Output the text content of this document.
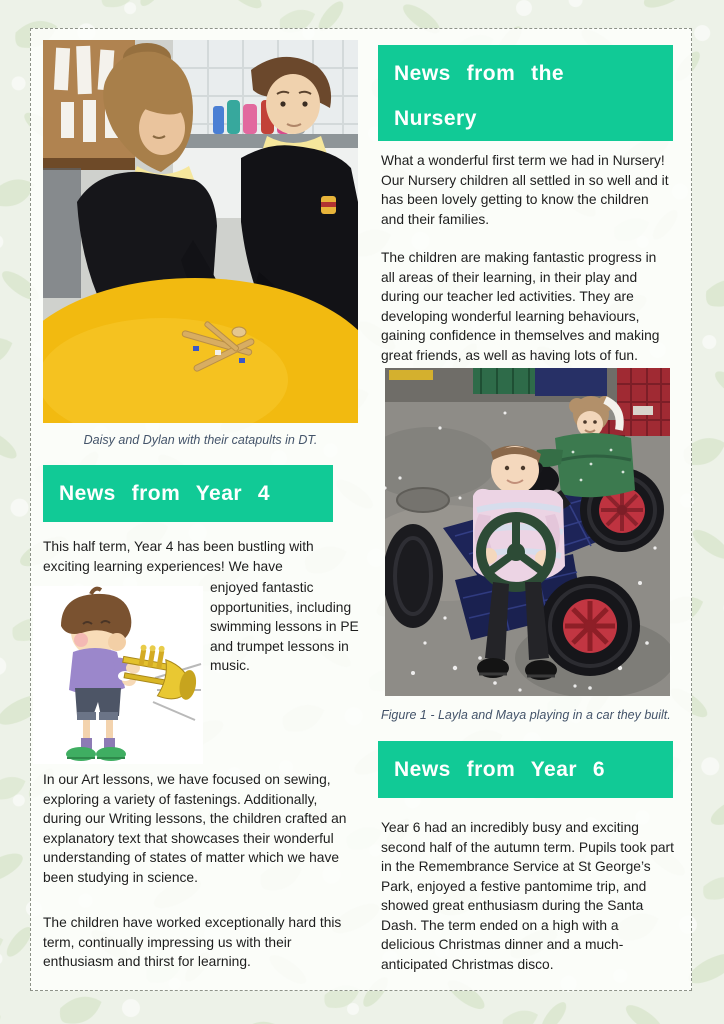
Daisy and Dylan with their catapults in DT.
News from Year 4
This half term, Year 4 has been bustling with exciting learning experiences! We have
enjoyed fantastic opportunities, including swimming lessons in PE and trumpet lessons in music.
In our Art lessons, we have focused on sewing, exploring a variety of fastenings. Additionally, during our Writing lessons, the children crafted an explanatory text that showcases their wonderful understanding of states of matter which we have been studying in science.
The children have worked exceptionally hard this term, continually impressing us with their enthusiasm and thirst for learning.
News from the Nursery
What a wonderful first term we had in Nursery! Our Nursery children all settled in so well and it has been lovely getting to know the children and their families.
The children are making fantastic progress in all areas of their learning, in their play and during our teacher led activities. They are developing wonderful learning behaviours, gaining confidence in themselves and making great friends, as well as having lots of fun.
Figure 1 - Layla and Maya playing in a car they built.
News from Year 6
Year 6 had an incredibly busy and exciting second half of the autumn term. Pupils took part in the Remembrance Service at St George’s Park, enjoyed a festive pantomime trip, and showed great enthusiasm during the Santa Dash. The term ended on a high with a delicious Christmas dinner and a much-anticipated Christmas disco.
